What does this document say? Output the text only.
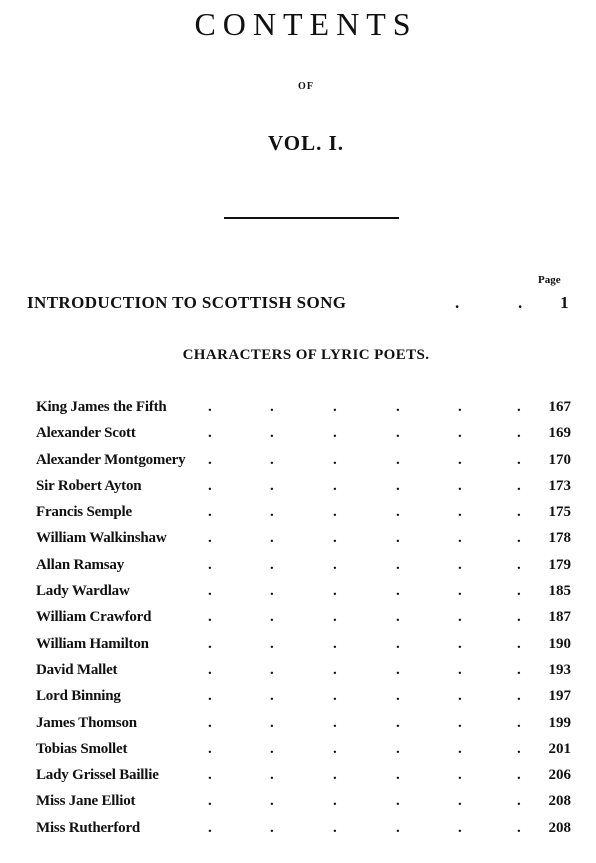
CONTENTS
OF
VOL. I.
Page
INTRODUCTION TO SCOTTISH SONG	.	. 1
CHARACTERS OF LYRIC POETS.
King James the Fifth	.	.	.	.	.	.	167
Alexander Scott	.	.	.	.	.	.	169
Alexander Montgomery .	.	.	.	.	.	170
Sir Robert Ayton	.	.	.	.	.	.	173
Francis Semple	.	.	.	.	.	.	175
William Walkinshaw	.	.	.	.	.	.	178
Allan Ramsay	.	.	.	.	.	.	179
Lady Wardlaw	.	.	.	.	.	.	185
William Crawford	.	.	.	.	.	.	187
William Hamilton	.	.	.	.	.	.	190
David Mallet	.	.	.	.	.	.	193
Lord Binning	.	.	.	.	.	.	197
James Thomson	.	.	.	.	.	.	199
Tobias Smollet	.	.	.	.	.	.	201
Lady Grissel Baillie	.	.	.	.	.	.	206
Miss Jane Elliot	.	.	.	.	.	.	208
Miss Rutherford	.	.	.	.	.	.	208
